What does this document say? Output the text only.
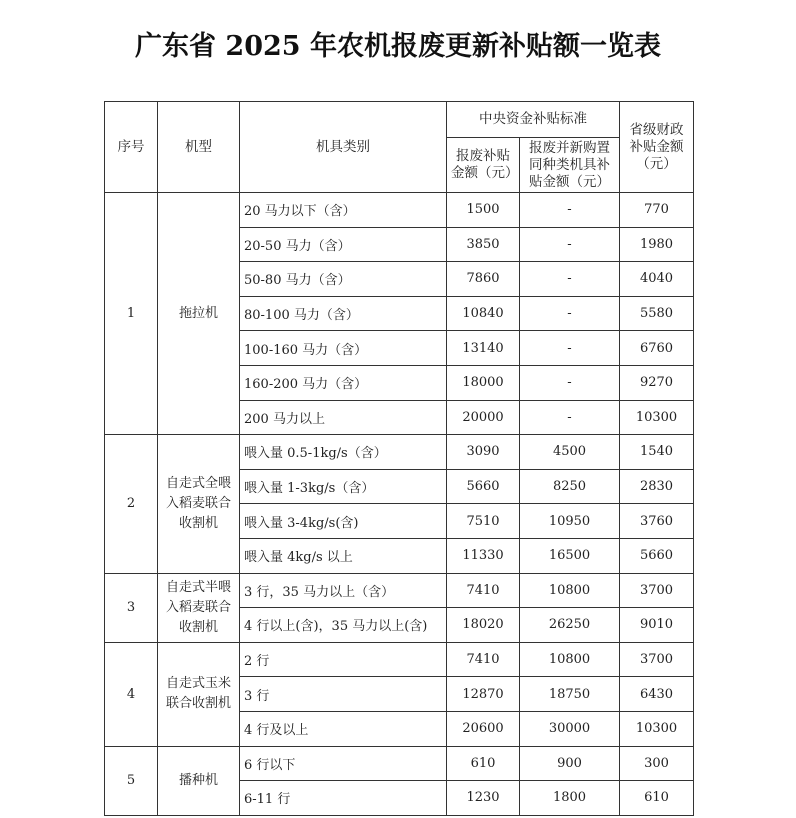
广东省 2025 年农机报废更新补贴额一览表
序号	机型	机具类别	中央资金补贴标准		省级财政补贴金额（元）
			报废补贴金额（元）	报废并新购置同种类机具补贴金额（元）	
1	拖拉机	20 马力以下（含）	1500	-	770
		20-50 马力（含）	3850	-	1980
		50-80 马力（含）	7860	-	4040
		80-100 马力（含）	10840	-	5580
		100-160 马力（含）	13140	-	6760
		160-200 马力（含）	18000	-	9270
		200 马力以上	20000	-	10300
2	自走式全喂入稻麦联合收割机	喂入量 0.5-1kg/s（含）	3090	4500	1540
		喂入量 1-3kg/s（含）	5660	8250	2830
		喂入量 3-4kg/s(含)	7510	10950	3760
		喂入量 4kg/s 以上	11330	16500	5660
3	自走式半喂入稻麦联合收割机	3 行，35 马力以上（含）	7410	10800	3700
		4 行以上(含)，35 马力以上(含)	18020	26250	9010
4	自走式玉米联合收割机	2 行	7410	10800	3700
		3 行	12870	18750	6430
		4 行及以上	20600	30000	10300
5	播种机	6 行以下	610	900	300
		6-11 行	1230	1800	610
